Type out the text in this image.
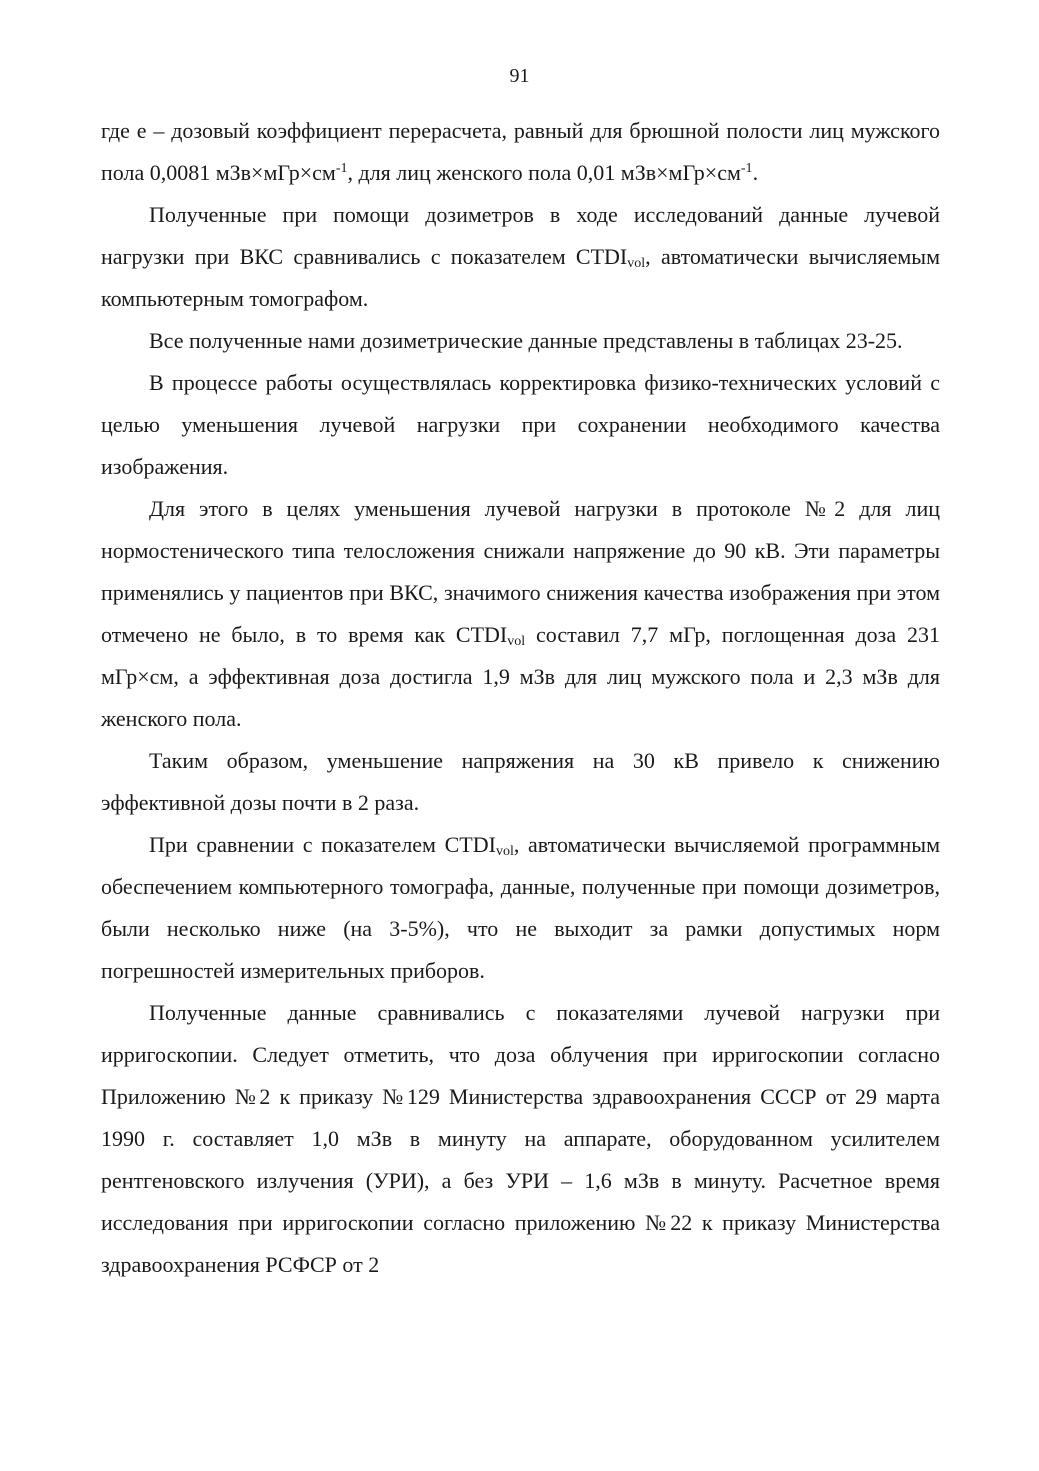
91

где е – дозовый коэффициент перерасчета, равный для брюшной полости лиц мужского пола 0,0081 $мЗв\times мГр\times см^{-1}$, для лиц женского пола 0,01 $мЗв\times мГр\times см^{-1}$.

Полученные при помощи дозиметров в ходе исследований данные лучевой нагрузки при ВКС сравнивались с показателем $CTDI_{vol}$, автоматически вычисляемым компьютерным томографом.

Все полученные нами дозиметрические данные представлены в таблицах 23-25.

В процессе работы осуществлялась корректировка физико-технических условий с целью уменьшения лучевой нагрузки при сохранении необходимого качества изображения.

Для этого в целях уменьшения лучевой нагрузки в протоколе №2 для лиц нормостенического типа телосложения снижали напряжение до 90 кВ. Эти параметры применялись у пациентов при ВКС, значимого снижения качества изображения при этом отмечено не было, в то время как $CTDI_{vol}$ составил 7,7 мГр, поглощенная доза 231 мГр×см, а эффективная доза достигла 1,9 мЗв для лиц мужского пола и 2,3 мЗв для женского пола.

Таким образом, уменьшение напряжения на 30 кВ привело к снижению эффективной дозы почти в 2 раза.

При сравнении с показателем $CTDI_{vol}$, автоматически вычисляемой программным обеспечением компьютерного томографа, данные, полученные при помощи дозиметров, были несколько ниже (на 3-5%), что не выходит за рамки допустимых норм погрешностей измерительных приборов.

Полученные данные сравнивались с показателями лучевой нагрузки при ирригоскопии. Следует отметить, что доза облучения при ирригоскопии согласно Приложению №2 к приказу №129 Министерства здравоохранения СССР от 29 марта 1990 г. составляет 1,0 мЗв в минуту на аппарате, оборудованном усилителем рентгеновского излучения (УРИ), а без УРИ – 1,6 мЗв в минуту. Расчетное время исследования при ирригоскопии согласно приложению №22 к приказу Министерства здравоохранения РСФСР от 2
